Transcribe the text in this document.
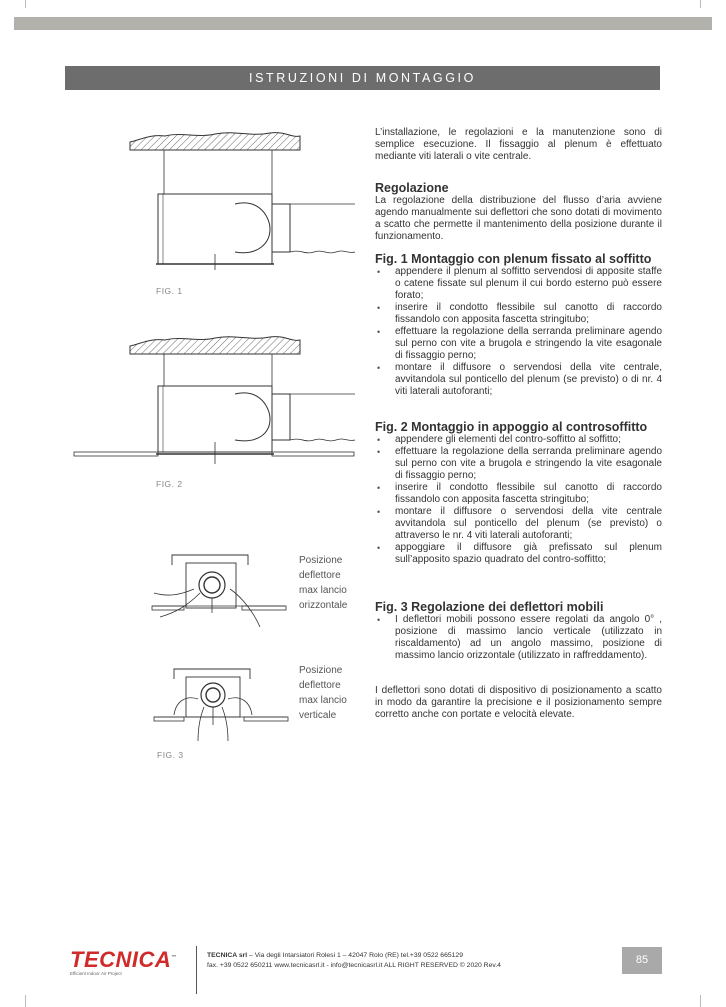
ISTRUZIONI DI MONTAGGIO
FIG. 1
FIG. 2
Posizione
deflettore
max lancio
orizzontale
Posizione
deflettore
max lancio
verticale
FIG. 3

L’installazione, le regolazioni e la manutenzione sono di semplice esecuzione. Il fissaggio al plenum è effettuato mediante viti laterali o vite centrale.

Regolazione

La regolazione della distribuzione del flusso d’aria avviene agendo manualmente sui deflettori che sono dotati di movimento a scatto che permette il mantenimento della posizione durante il funzionamento.

Fig. 1 Montaggio con plenum fissato al soffitto
• appendere il plenum al soffitto servendosi di apposite staffe o catene fissate sul plenum il cui bordo esterno può essere forato;
• inserire il condotto flessibile sul canotto di raccordo fissandolo con apposita fascetta stringitubo;
• effettuare la regolazione della serranda preliminare agendo sul perno con vite a brugola e stringendo la vite esagonale di fissaggio perno;
• montare il diffusore o servendosi della vite centrale, avvitandola sul ponticello del plenum (se previsto) o di nr. 4 viti laterali autoforanti;
Fig. 2 Montaggio in appoggio al controsoffitto
• appendere gli elementi del contro-soffitto al soffitto;
• effettuare la regolazione della serranda preliminare agendo sul perno con vite a brugola e stringendo la vite esagonale di fissaggio perno;
• inserire il condotto flessibile sul canotto di raccordo fissandolo con apposita fascetta stringitubo;
• montare il diffusore o servendosi della vite centrale avvitandola sul ponticello del plenum (se previsto) o attraverso le nr. 4 viti laterali autoforanti;
• appoggiare il diffusore già prefissato sul plenum sull’apposito spazio quadrato del contro-soffitto;
Fig. 3 Regolazione dei deflettori mobili
• I deflettori mobili possono essere regolati da angolo 0° , posizione di massimo lancio verticale (utilizzato in riscaldamento) ad un angolo massimo, posizione di massimo lancio orizzontale (utilizzato in raffreddamento).

I deflettori sono dotati di dispositivo di posizionamento a scatto in modo da garantire la precisione e il posizionamento sempre corretto anche con portate e velocità elevate.

TECNICA™
Efficient Indoor Air Project
TECNICA srl – Via degli Intarsiatori Rolesi 1 – 42047 Rolo (RE) tel.+39 0522 665129
fax. +39 0522 650211 www.tecnicasrl.it - info@tecnicasrl.it ALL RIGHT RESERVED © 2020 Rev.4	85
